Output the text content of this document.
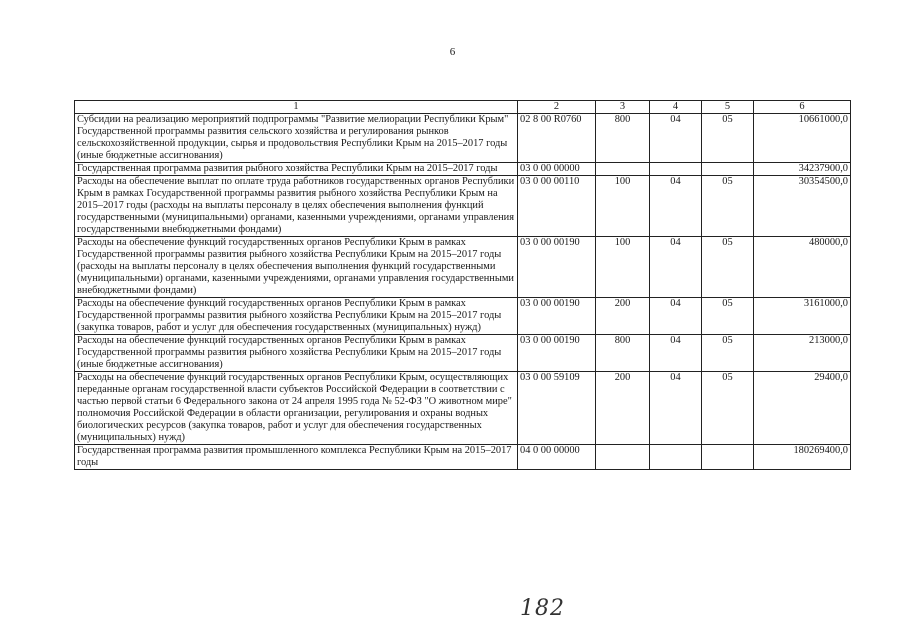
6
1	2	3	4	5	6
Субсидии на реализацию мероприятий подпрограммы "Развитие мелиорации Республики Крым" Государственной программы развития сельского хозяйства и регулирования рынков сельскохозяйственной продукции, сырья и продовольствия Республики Крым на 2015–2017 годы (иные бюджетные ассигнования)	02 8 00 R0760	800	04	05	10661000,0
Государственная программа развития рыбного хозяйства Республики Крым на 2015–2017 годы	03 0 00 00000				34237900,0
Расходы на обеспечение выплат по оплате труда работников государственных органов Республики Крым в рамках Государственной программы развития рыбного хозяйства Республики Крым на 2015–2017 годы (расходы на выплаты персоналу в целях обеспечения выполнения функций государственными (муниципальными) органами, казенными учреждениями, органами управления государственными внебюджетными фондами)	03 0 00 00110	100	04	05	30354500,0
Расходы на обеспечение функций государственных органов Республики Крым в рамках Государственной программы развития рыбного хозяйства Республики Крым на 2015–2017 годы (расходы на выплаты персоналу в целях обеспечения выполнения функций государственными (муниципальными) органами, казенными учреждениями, органами управления государственными внебюджетными фондами)	03 0 00 00190	100	04	05	480000,0
Расходы на обеспечение функций государственных органов Республики Крым в рамках Государственной программы развития рыбного хозяйства Республики Крым на 2015–2017 годы (закупка товаров, работ и услуг для обеспечения государственных (муниципальных) нужд)	03 0 00 00190	200	04	05	3161000,0
Расходы на обеспечение функций государственных органов Республики Крым в рамках Государственной программы развития рыбного хозяйства Республики Крым на 2015–2017 годы (иные бюджетные ассигнования)	03 0 00 00190	800	04	05	213000,0
Расходы на обеспечение функций государственных органов Республики Крым, осуществляющих переданные органам государственной власти субъектов Российской Федерации в соответствии с частью первой статьи 6 Федерального закона от 24 апреля 1995 года № 52-ФЗ "О животном мире" полномочия Российской Федерации в области организации, регулирования и охраны водных биологических ресурсов (закупка товаров, работ и услуг для обеспечения государственных (муниципальных) нужд)	03 0 00 59109	200	04	05	29400,0
Государственная программа развития промышленного комплекса Республики Крым на 2015–2017 годы	04 0 00 00000				180269400,0
182
